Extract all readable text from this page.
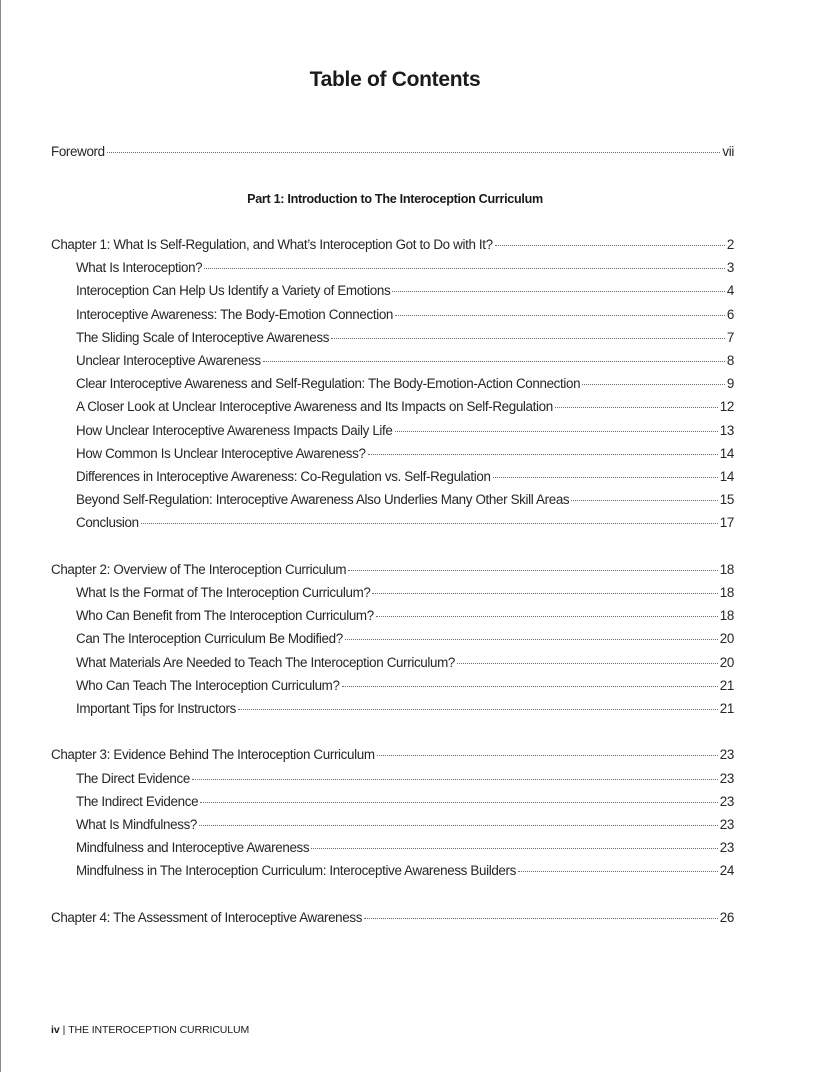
Table of Contents
Part 1: Introduction to The Interoception Curriculum
Foreword	vii
Chapter 1: What Is Self-Regulation, and What’s Interoception Got to Do with It?	2
What Is Interoception?	3
Interoception Can Help Us Identify a Variety of Emotions	4
Interoceptive Awareness: The Body-Emotion Connection	6
The Sliding Scale of Interoceptive Awareness	7
Unclear Interoceptive Awareness	8
Clear Interoceptive Awareness and Self-Regulation: The Body-Emotion-Action Connection	9
A Closer Look at Unclear Interoceptive Awareness and Its Impacts on Self-Regulation	12
How Unclear Interoceptive Awareness Impacts Daily Life	13
How Common Is Unclear Interoceptive Awareness?	14
Differences in Interoceptive Awareness: Co-Regulation vs. Self-Regulation	14
Beyond Self-Regulation: Interoceptive Awareness Also Underlies Many Other Skill Areas	15
Conclusion	17
Chapter 2: Overview of The Interoception Curriculum	18
What Is the Format of The Interoception Curriculum?	18
Who Can Benefit from The Interoception Curriculum?	18
Can The Interoception Curriculum Be Modified?	20
What Materials Are Needed to Teach The Interoception Curriculum?	20
Who Can Teach The Interoception Curriculum?	21
Important Tips for Instructors	21
Chapter 3: Evidence Behind The Interoception Curriculum	23
The Direct Evidence	23
The Indirect Evidence	23
What Is Mindfulness?	23
Mindfulness and Interoceptive Awareness	23
Mindfulness in The Interoception Curriculum: Interoceptive Awareness Builders	24
Chapter 4: The Assessment of Interoceptive Awareness	26
iv | THE INTEROCEPTION CURRICULUM
